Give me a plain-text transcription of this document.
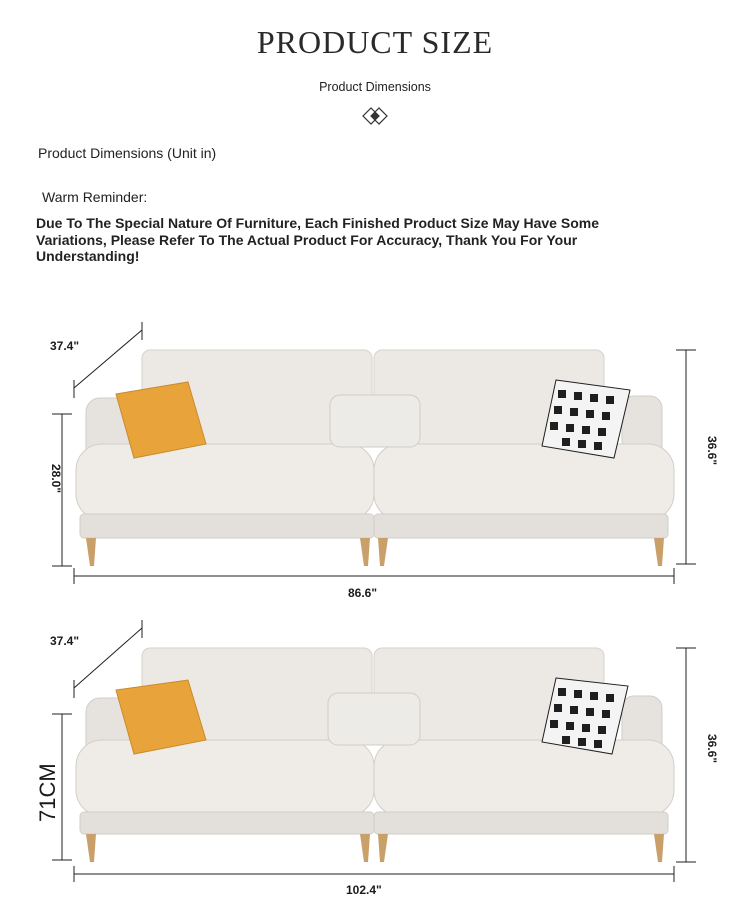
PRODUCT SIZE
Product Dimensions
Product Dimensions (Unit in)
Warm Reminder:
Due To The Special Nature Of Furniture, Each Finished Product Size May Have Some Variations, Please Refer To The Actual Product For Accuracy, Thank You For Your Understanding!
37.4"
28.0"
36.6"
86.6"
37.4"
71CM
36.6"
102.4"
